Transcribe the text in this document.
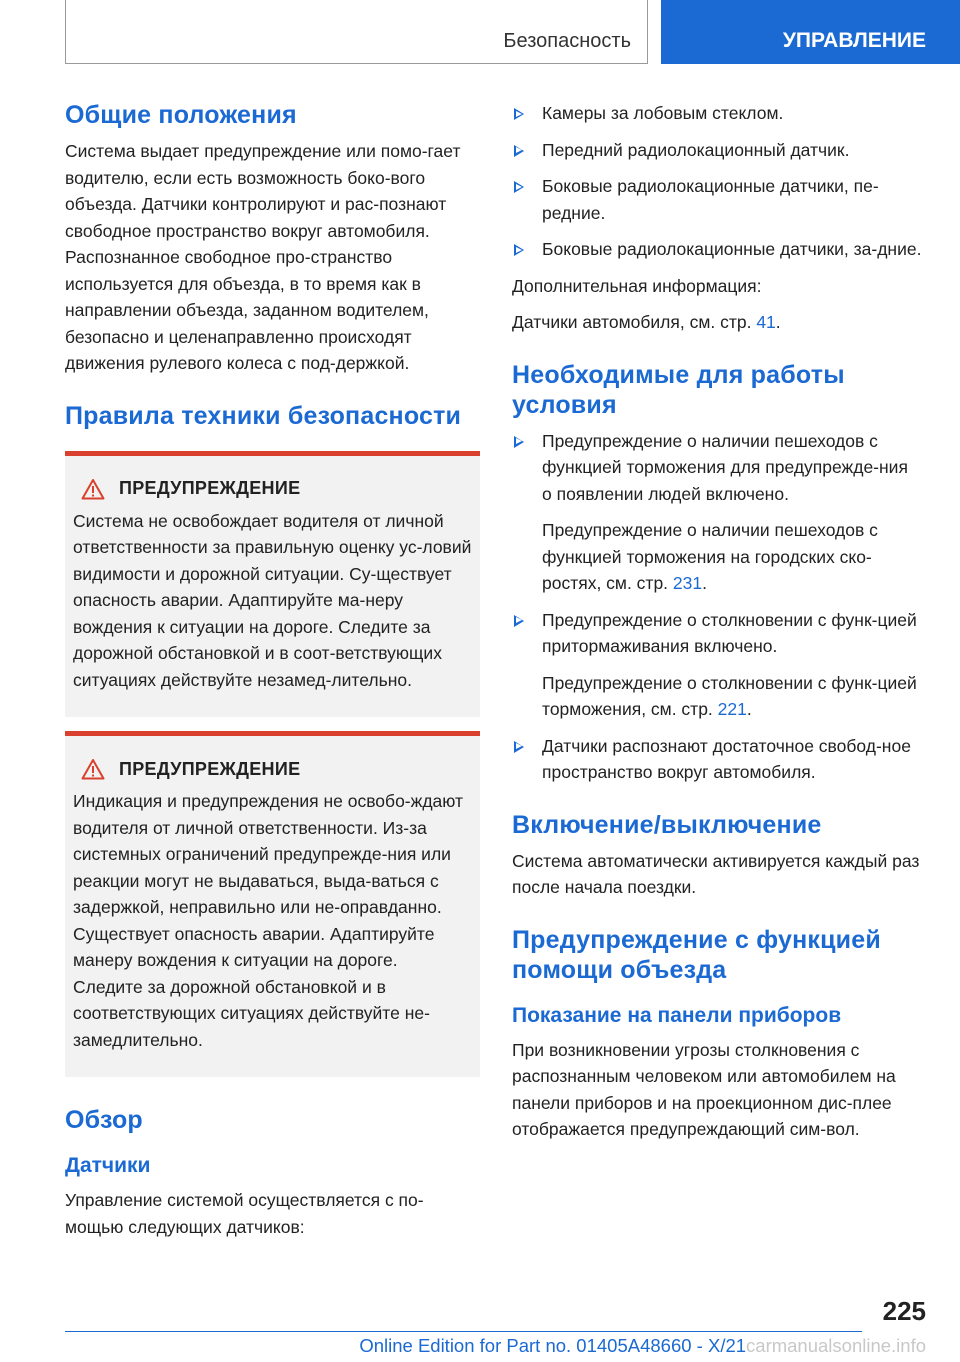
Безопасность	УПРАВЛЕНИЕ
Общие положения

Система выдает предупреждение или помо-гает водителю, если есть возможность боко-вого объезда. Датчики контролируют и рас-познают свободное пространство вокруг автомобиля. Распознанное свободное про-странство используется для объезда, в то время как в направлении объезда, заданном водителем, безопасно и целенаправленно происходят движения рулевого колеса с под-держкой.

Правила техники безопасности
ПРЕДУПРЕЖДЕНИЕ

Система не освобождает водителя от личной ответственности за правильную оценку ус-ловий видимости и дорожной ситуации. Су-ществует опасность аварии. Адаптируйте ма-неру вождения к ситуации на дороге. Следите за дорожной обстановкой и в соот-ветствующих ситуациях действуйте незамед-лительно.

ПРЕДУПРЕЖДЕНИЕ

Индикация и предупреждения не освобо-ждают водителя от личной ответственности. Из-за системных ограничений предупрежде-ния или реакции могут не выдаваться, выда-ваться с задержкой, неправильно или не-оправданно. Существует опасность аварии. Адаптируйте манеру вождения к ситуации на дороге. Следите за дорожной обстановкой и в соответствующих ситуациях действуйте не-замедлительно.

Обзор
Датчики

Управление системой осуществляется с по-мощью следующих датчиков:

Камеры за лобовым стеклом.
Передний радиолокационный датчик.
Боковые радиолокационные датчики, пе-редние.
Боковые радиолокационные датчики, за-дние.

Дополнительная информация:

Датчики автомобиля, см. стр. 41.

Необходимые для работы условия
Предупреждение о наличии пешеходов с функцией торможения для предупрежде-ния о появлении людей включено.
Предупреждение о наличии пешеходов с функцией торможения на городских ско-ростях, см. стр. 231.
Предупреждение о столкновении с функ-цией притормаживания включено.
Предупреждение о столкновении с функ-цией торможения, см. стр. 221.
Датчики распознают достаточное свобод-ное пространство вокруг автомобиля.
Включение/выключение

Система автоматически активируется каждый раз после начала поездки.

Предупреждение с функцией помощи объезда
Показание на панели приборов

При возникновении угрозы столкновения с распознанным человеком или автомобилем на панели приборов и на проекционном дис-плее отображается предупреждающий сим-вол.

225
Online Edition for Part no. 01405A48660 - X/21carmanualsonline.info
